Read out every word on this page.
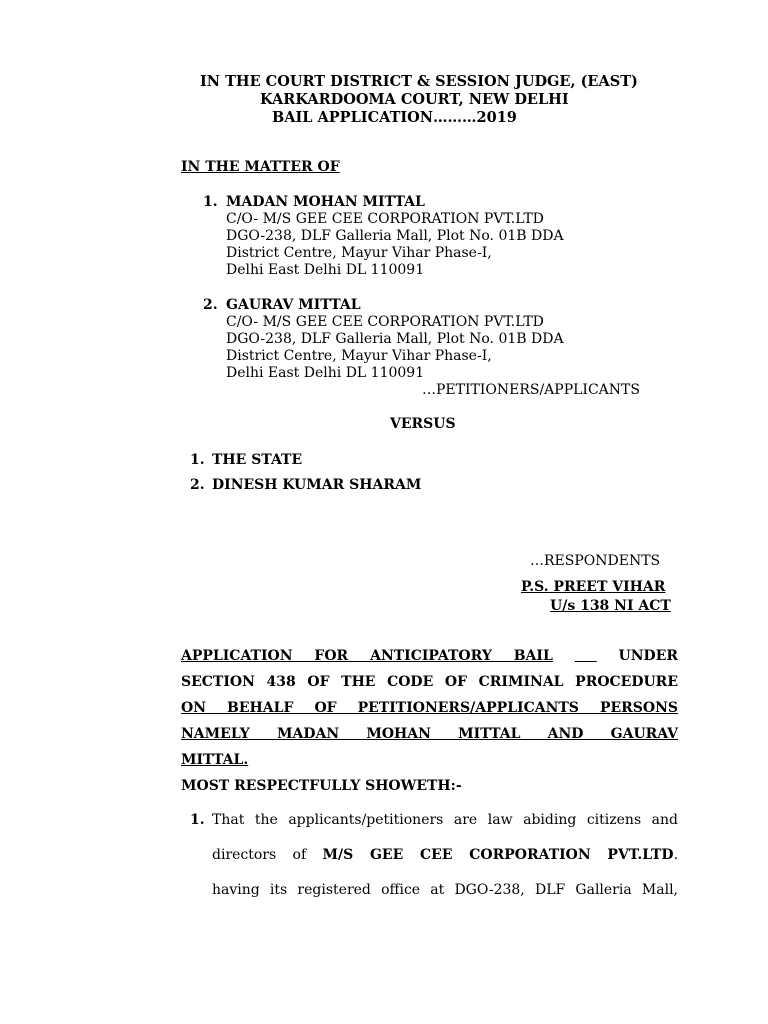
IN THE COURT DISTRICT & SESSION JUDGE, (EAST)
KARKARDOOMA COURT, NEW DELHI
BAIL APPLICATION………2019
IN THE MATTER OF
1. MADAN MOHAN MITTAL
C/O- M/S GEE CEE CORPORATION PVT.LTD
DGO-238, DLF Galleria Mall, Plot No. 01B DDA
District Centre, Mayur Vihar Phase-I,
Delhi East Delhi DL 110091
2. GAURAV MITTAL
C/O- M/S GEE CEE CORPORATION PVT.LTD
DGO-238, DLF Galleria Mall, Plot No. 01B DDA
District Centre, Mayur Vihar Phase-I,
Delhi East Delhi DL 110091
…PETITIONERS/APPLICANTS
VERSUS
1. THE STATE
2. DINESH KUMAR SHARAM
…RESPONDENTS
P.S. PREET VIHAR
U/s 138 NI ACT
APPLICATION FOR ANTICIPATORY BAIL	UNDER
SECTION 438 OF THE CODE OF CRIMINAL PROCEDURE
ON BEHALF OF PETITIONERS/APPLICANTS PERSONS
NAMELY MADAN MOHAN MITTAL AND GAURAV
MITTAL.
MOST RESPECTFULLY SHOWETH:-
1. That the applicants/petitioners are law abiding citizens and
directors of M/S GEE CEE CORPORATION PVT.LTD.
having its registered office at DGO-238, DLF Galleria Mall,
